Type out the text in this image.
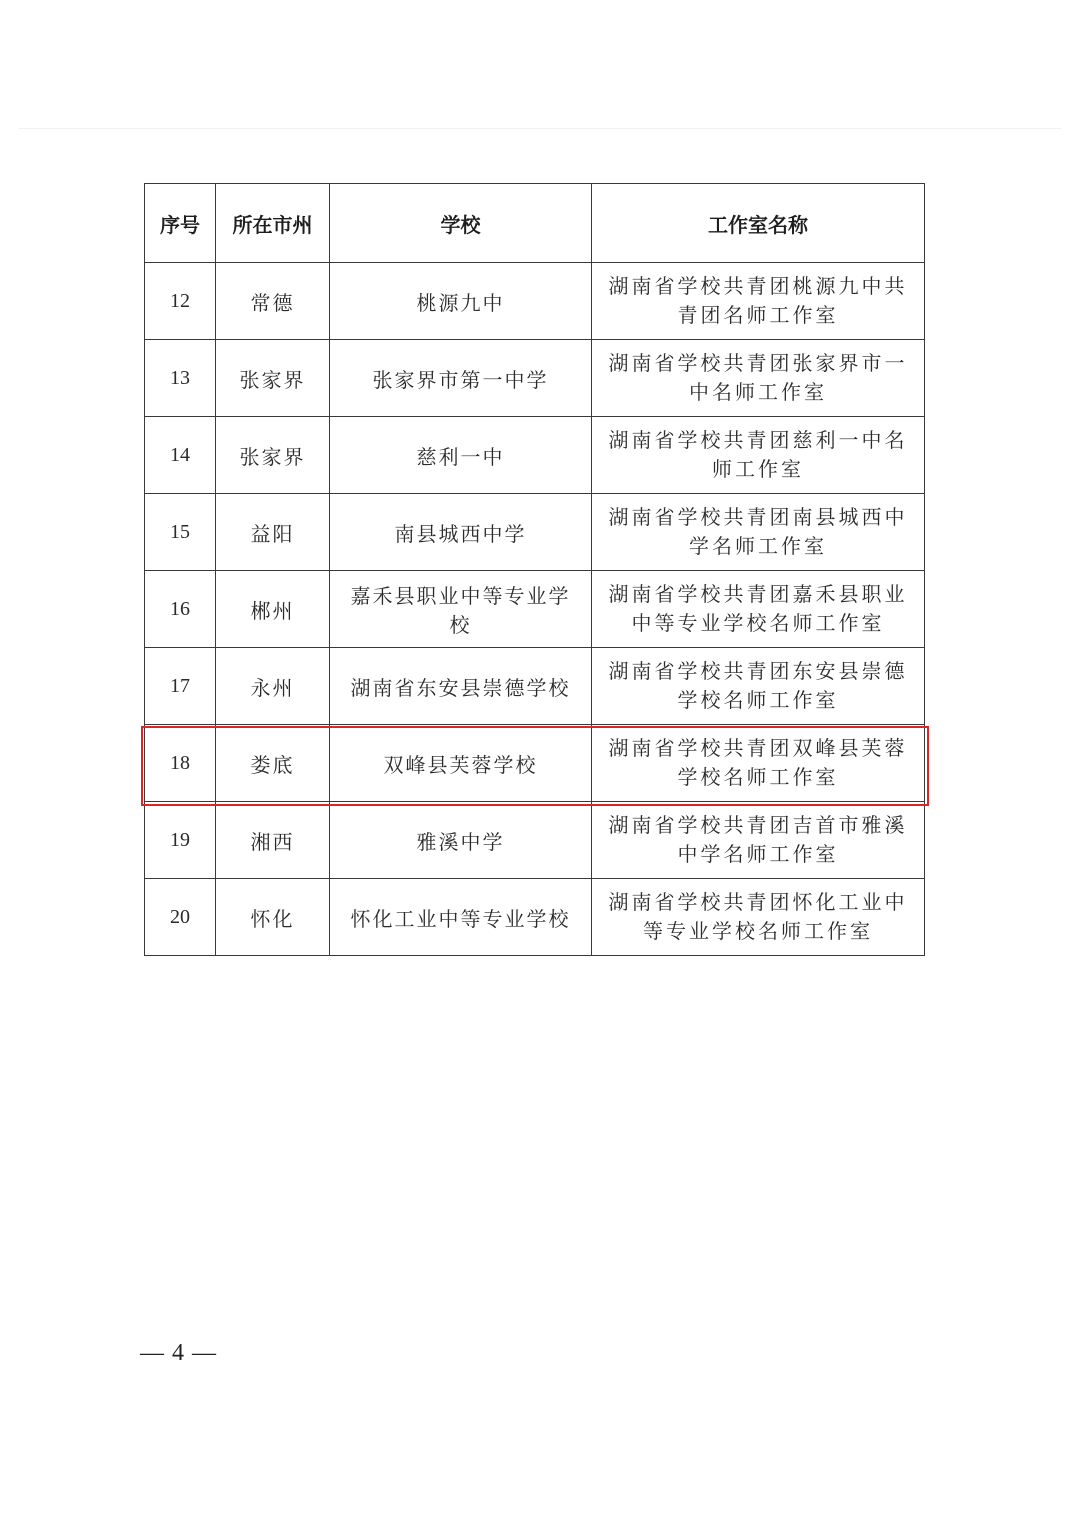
序号	所在市州	学校	工作室名称
12	常德	桃源九中	湖南省学校共青团桃源九中共青团名师工作室
13	张家界	张家界市第一中学	湖南省学校共青团张家界市一中名师工作室
14	张家界	慈利一中	湖南省学校共青团慈利一中名师工作室
15	益阳	南县城西中学	湖南省学校共青团南县城西中学名师工作室
16	郴州	嘉禾县职业中等专业学校	湖南省学校共青团嘉禾县职业中等专业学校名师工作室
17	永州	湖南省东安县崇德学校	湖南省学校共青团东安县崇德学校名师工作室
18	娄底	双峰县芙蓉学校	湖南省学校共青团双峰县芙蓉学校名师工作室
19	湘西	雅溪中学	湖南省学校共青团吉首市雅溪中学名师工作室
20	怀化	怀化工业中等专业学校	湖南省学校共青团怀化工业中等专业学校名师工作室
— 4 —
